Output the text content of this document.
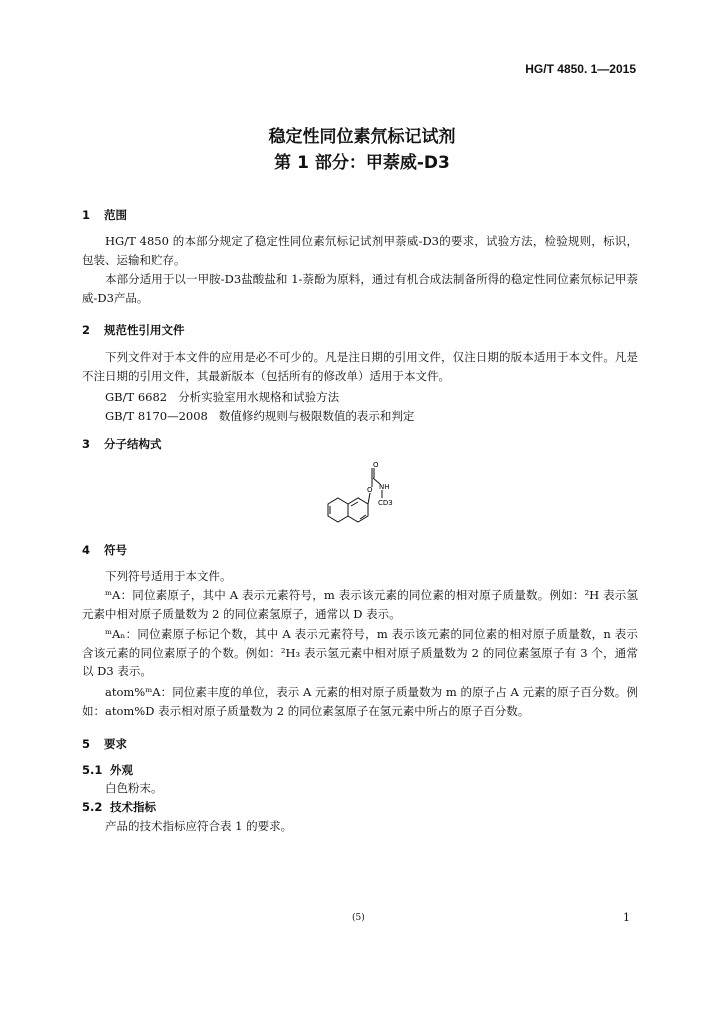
HG/T 4850. 1—2015
稳定性同位素氘标记试剂
第 1 部分：甲萘威-D3
1 范围
HG/T 4850 的本部分规定了稳定性同位素氘标记试剂甲萘威-D3的要求，试验方法，检验规则，标识，包装、运输和贮存。
本部分适用于以一甲胺-D3盐酸盐和 1-萘酚为原料，通过有机合成法制备所得的稳定性同位素氘标记甲萘威-D3产品。
2 规范性引用文件
下列文件对于本文件的应用是必不可少的。凡是注日期的引用文件，仅注日期的版本适用于本文件。凡是不注日期的引用文件，其最新版本（包括所有的修改单）适用于本文件。
GB/T 6682   分析实验室用水规格和试验方法
GB/T 8170—2008   数值修约规则与极限数值的表示和判定
3 分子结构式
O
O NH
CD3
4 符号
下列符号适用于本文件。
ᵐA：同位素原子，其中 A 表示元素符号，m 表示该元素的同位素的相对原子质量数。例如：²H 表示氢元素中相对原子质量数为 2 的同位素氢原子，通常以 D 表示。
ᵐAₙ：同位素原子标记个数，其中 A 表示元素符号，m 表示该元素的同位素的相对原子质量数，n 表示含该元素的同位素原子的个数。例如：²H₃ 表示氢元素中相对原子质量数为 2 的同位素氢原子有 3 个，通常以 D3 表示。
atom%ᵐA：同位素丰度的单位，表示 A 元素的相对原子质量数为 m 的原子占 A 元素的原子百分数。例如：atom%D 表示相对原子质量数为 2 的同位素氢原子在氢元素中所占的原子百分数。
5 要求
5.1 外观
白色粉末。
5.2 技术指标
产品的技术指标应符合表 1 的要求。
(5)	1
